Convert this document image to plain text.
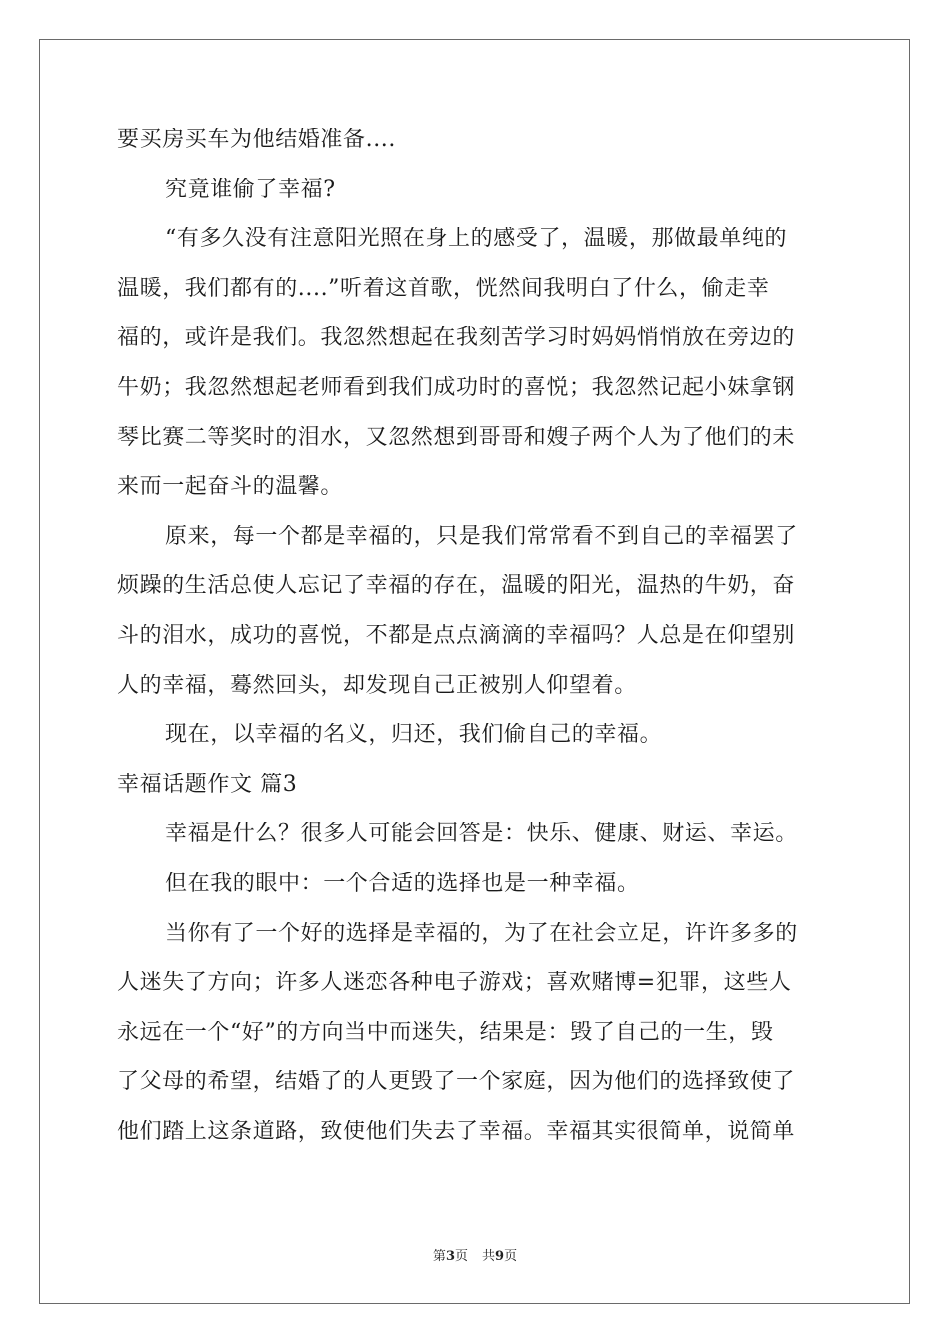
要买房买车为他结婚准备....
究竟谁偷了幸福?
“有多久没有注意阳光照在身上的感受了，温暖，那做最单纯的
温暖，我们都有的....”听着这首歌，恍然间我明白了什么，偷走幸
福的，或许是我们。我忽然想起在我刻苦学习时妈妈悄悄放在旁边的
牛奶；我忽然想起老师看到我们成功时的喜悦；我忽然记起小妹拿钢
琴比赛二等奖时的泪水，又忽然想到哥哥和嫂子两个人为了他们的未
来而一起奋斗的温馨。
原来，每一个都是幸福的，只是我们常常看不到自己的幸福罢了
烦躁的生活总使人忘记了幸福的存在，温暖的阳光，温热的牛奶，奋
斗的泪水，成功的喜悦，不都是点点滴滴的幸福吗？人总是在仰望别
人的幸福，蓦然回头，却发现自己正被别人仰望着。
现在，以幸福的名义，归还，我们偷自己的幸福。
幸福话题作文 篇3
幸福是什么？很多人可能会回答是：快乐、健康、财运、幸运。
但在我的眼中：一个合适的选择也是一种幸福。
当你有了一个好的选择是幸福的，为了在社会立足，许许多多的
人迷失了方向；许多人迷恋各种电子游戏；喜欢赌博=犯罪，这些人
永远在一个“好”的方向当中而迷失，结果是：毁了自己的一生，毁
了父母的希望，结婚了的人更毁了一个家庭，因为他们的选择致使了
他们踏上这条道路，致使他们失去了幸福。幸福其实很简单，说简单
第3页 共9页
